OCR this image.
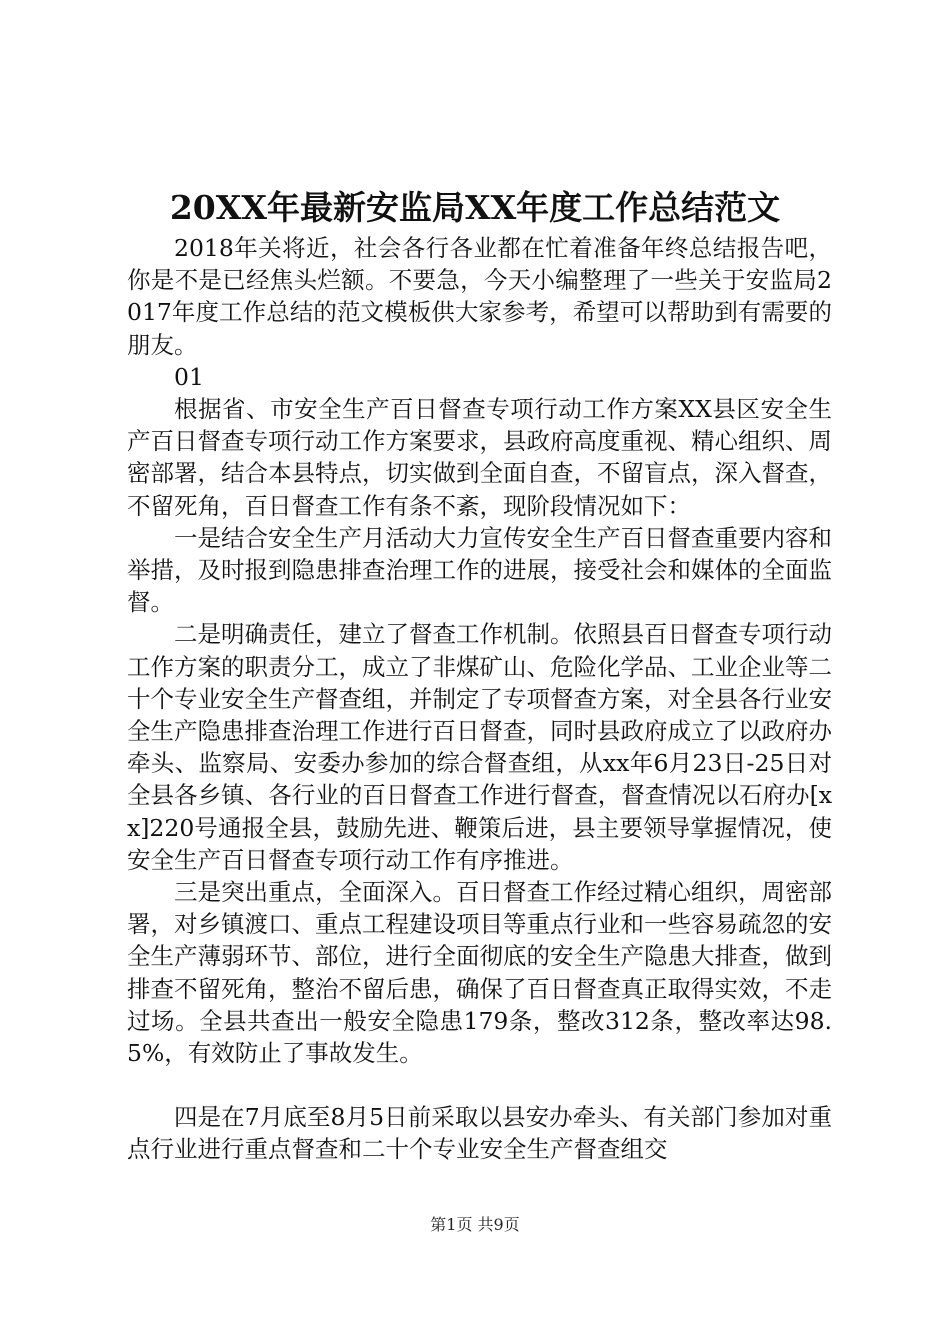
20XX年最新安监局XX年度工作总结范文

2018年关将近，社会各行各业都在忙着准备年终总结报告吧，你是不是已经焦头烂额。不要急，今天小编整理了一些关于安监局2017年度工作总结的范文模板供大家参考，希望可以帮助到有需要的朋友。

01

根据省、市安全生产百日督查专项行动工作方案XX县区安全生产百日督查专项行动工作方案要求，县政府高度重视、精心组织、周密部署，结合本县特点，切实做到全面自查，不留盲点，深入督查，不留死角，百日督查工作有条不紊，现阶段情况如下：

一是结合安全生产月活动大力宣传安全生产百日督查重要内容和举措，及时报到隐患排查治理工作的进展，接受社会和媒体的全面监督。

二是明确责任，建立了督查工作机制。依照县百日督查专项行动工作方案的职责分工，成立了非煤矿山、危险化学品、工业企业等二十个专业安全生产督查组，并制定了专项督查方案，对全县各行业安全生产隐患排查治理工作进行百日督查，同时县政府成立了以政府办牵头、监察局、安委办参加的综合督查组，从xx年6月23日-25日对全县各乡镇、各行业的百日督查工作进行督查，督查情况以石府办[xx]220号通报全县，鼓励先进、鞭策后进，县主要领导掌握情况，使安全生产百日督查专项行动工作有序推进。

三是突出重点，全面深入。百日督查工作经过精心组织，周密部署，对乡镇渡口、重点工程建设项目等重点行业和一些容易疏忽的安全生产薄弱环节、部位，进行全面彻底的安全生产隐患大排查，做到排查不留死角，整治不留后患，确保了百日督查真正取得实效，不走过场。全县共查出一般安全隐患179条，整改312条，整改率达98.5%，有效防止了事故发生。

四是在7月底至8月5日前采取以县安办牵头、有关部门参加对重点行业进行重点督查和二十个专业安全生产督查组交

第1页 共9页
